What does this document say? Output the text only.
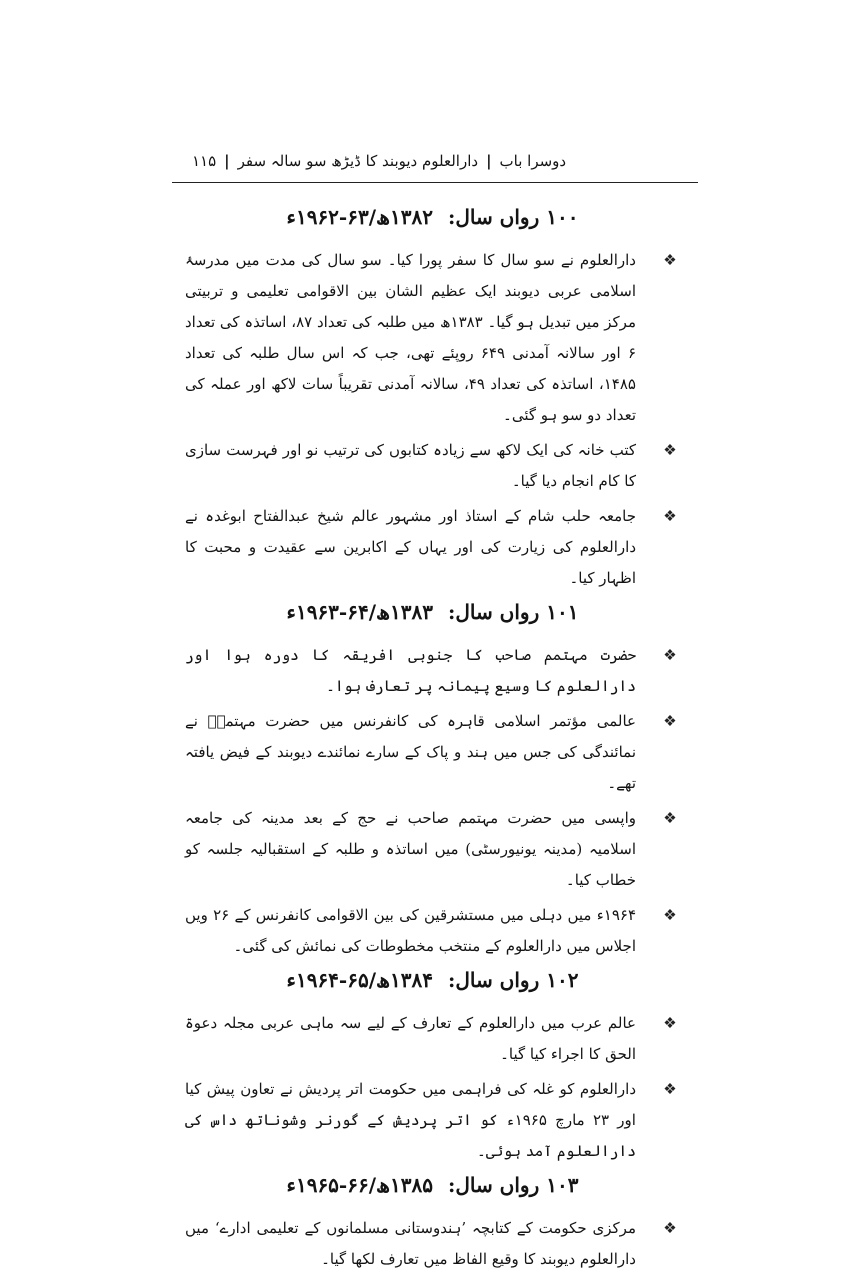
دوسرا باب
|
دارالعلوم دیوبند کا ڈیڑھ سو سالہ سفر
|
۱۱۵
۱۰۰ رواں سال: ۱۳۸۲ھ/۶۳-۱۹۶۲ء
❖
دارالعلوم نے سو سال کا سفر پورا کیا۔ سو سال کی مدت میں مدرسۂ اسلامی عربی دیوبند ایک عظیم الشان بین الاقوامی تعلیمی و تربیتی مرکز میں تبدیل ہو گیا۔ ۱۳۸۳ھ میں طلبہ کی تعداد ۸۷، اساتذہ کی تعداد ۶ اور سالانہ آمدنی ۶۴۹ روپئے تھی، جب کہ اس سال طلبہ کی تعداد ۱۴۸۵، اساتذہ کی تعداد ۴۹، سالانہ آمدنی تقریباً سات لاکھ اور عملہ کی تعداد دو سو ہو گئی۔
❖
کتب خانہ کی ایک لاکھ سے زیادہ کتابوں کی ترتیب نو اور فہرست سازی کا کام انجام دیا گیا۔
❖
جامعہ حلب شام کے استاذ اور مشہور عالم شیخ عبدالفتاح ابوغدہ نے دارالعلوم کی زیارت کی اور یہاں کے اکابرین سے عقیدت و محبت کا اظہار کیا۔
۱۰۱ رواں سال: ۱۳۸۳ھ/۶۴-۱۹۶۳ء
❖
حضرت مہتمم صاحب کا جنوبی افریقہ کا دورہ ہوا اور دارالعلوم کا وسیع پیمانہ پر تعارف ہوا۔
❖
عالمی مؤتمر اسلامی قاہرہ کی کانفرنس میں حضرت مہتممؒ نے نمائندگی کی جس میں ہند و پاک کے سارے نمائندے دیوبند کے فیض یافتہ تھے۔
❖
واپسی میں حضرت مہتمم صاحب نے حج کے بعد مدینہ کی جامعہ اسلامیہ (مدینہ یونیورسٹی) میں اساتذہ و طلبہ کے استقبالیہ جلسہ کو خطاب کیا۔
❖
۱۹۶۴ء میں دہلی میں مستشرقین کی بین الاقوامی کانفرنس کے ۲۶ ویں اجلاس میں دارالعلوم کے منتخب مخطوطات کی نمائش کی گئی۔
۱۰۲ رواں سال: ۱۳۸۴ھ/۶۵-۱۹۶۴ء
❖
عالم عرب میں دارالعلوم کے تعارف کے لیے سہ ماہی عربی مجلہ دعوۃ الحق کا اجراء کیا گیا۔
❖
دارالعلوم کو غلہ کی فراہمی میں حکومت اتر پردیش نے تعاون پیش کیا اور ۲۳ مارچ ۱۹۶۵ء کو اتر پردیش کے گورنر وشوناتھ داس کی دارالعلوم آمد ہوئی۔
۱۰۳ رواں سال: ۱۳۸۵ھ/۶۶-۱۹۶۵ء
❖
مرکزی حکومت کے کتابچہ ’ہندوستانی مسلمانوں کے تعلیمی ادارے‘ میں دارالعلوم دیوبند کا وقیع الفاظ میں تعارف لکھا گیا۔
